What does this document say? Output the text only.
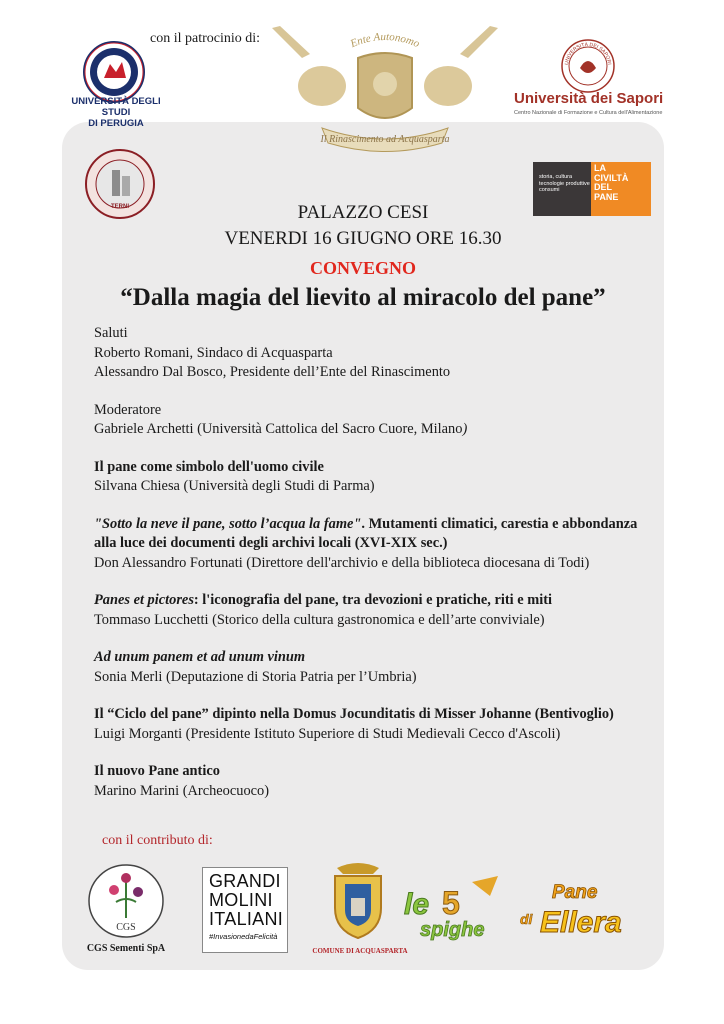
con il patrocinio di:
UNIVERSITÀ DEGLI STUDI
DI PERUGIA
Ente Autonomo
Il Rinascimento ad Acquasparta
UNIVERSITÀ DEI SAPORI
Università dei Sapori
Centro Nazionale di Formazione e Cultura dell'Alimentazione
TERNI
storia, cultura
tecnologie produttive
consumi
LA
CIVILTÀ
DEL
PANE
PALAZZO CESI
VENERDI 16 GIUGNO ORE 16.30
CONVEGNO
“Dalla magia del lievito al miracolo del pane”
Saluti
Roberto Romani, Sindaco di Acquasparta
Alessandro Dal Bosco, Presidente dell’Ente del Rinascimento
Moderatore
Gabriele Archetti (Università Cattolica del Sacro Cuore, Milano)
Il pane come simbolo dell'uomo civile
Silvana Chiesa (Università degli Studi di Parma)
"Sotto la neve il pane, sotto l’acqua la fame". Mutamenti climatici, carestia e abbondanza alla luce dei documenti degli archivi locali (XVI-XIX sec.)
Don Alessandro Fortunati (Direttore dell'archivio e della biblioteca diocesana di Todi)
Panes et pictores: l'iconografia del pane, tra devozioni e pratiche, riti e miti
Tommaso Lucchetti (Storico della cultura gastronomica e dell’arte conviviale)
Ad unum panem et ad unum vinum
Sonia Merli (Deputazione di Storia Patria per l’Umbria)
Il “Ciclo del pane” dipinto nella Domus Jocunditatis di Misser Johanne (Bentivoglio)
Luigi Morganti (Presidente Istituto Superiore di Studi Medievali Cecco d'Ascoli)
Il nuovo Pane antico
Marino Marini (Archeocuoco)
con il contributo di:
CGS
CGS Sementi SpA
GRANDI
MOLINI
ITALIANI
#InvasionedaFelicità
COMUNE DI ACQUASPARTA
le 5
spighe
Pane
di Ellera
